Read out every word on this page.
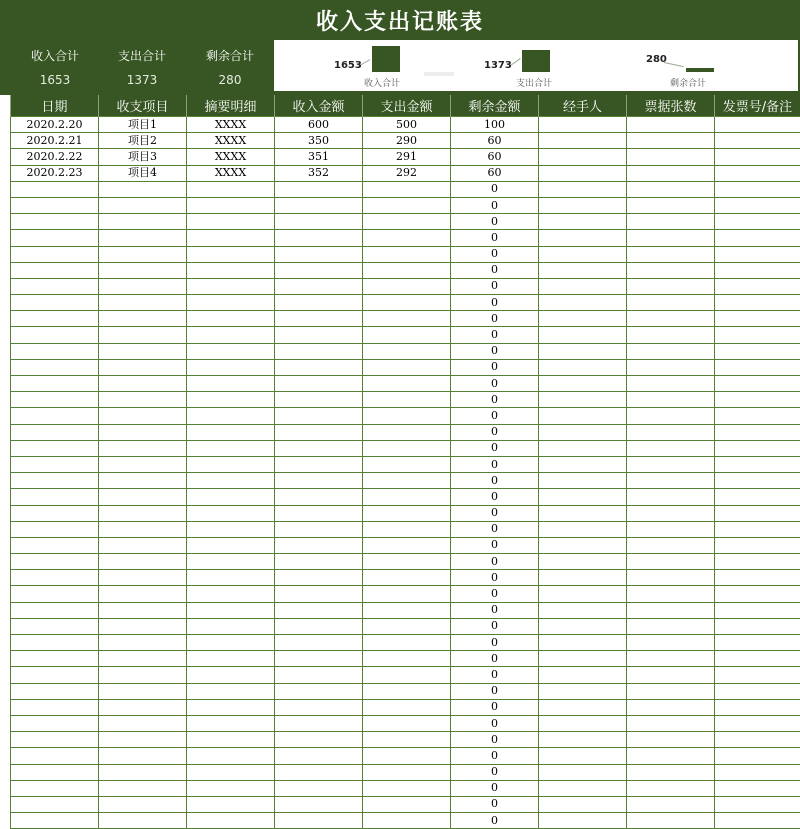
收入支出记账表
收入合计
1653
支出合计
1373
剩余合计
280
1653
收入合计
1373
支出合计
280
剩余合计
日期	收支项目	摘要明细	收入金额	支出金额	剩余金额	经手人	票据张数	发票号/备注
2020.2.20	项目1	XXXX	600	500	100			
2020.2.21	项目2	XXXX	350	290	60			
2020.2.22	项目3	XXXX	351	291	60			
2020.2.23	项目4	XXXX	352	292	60			
					0			
					0			
					0			
					0			
					0			
					0			
					0			
					0			
					0			
					0			
					0			
					0			
					0			
					0			
					0			
					0			
					0			
					0			
					0			
					0			
					0			
					0			
					0			
					0			
					0			
					0			
					0			
					0			
					0			
					0			
					0			
					0			
					0			
					0			
					0			
					0			
					0			
					0			
					0			
					0			
